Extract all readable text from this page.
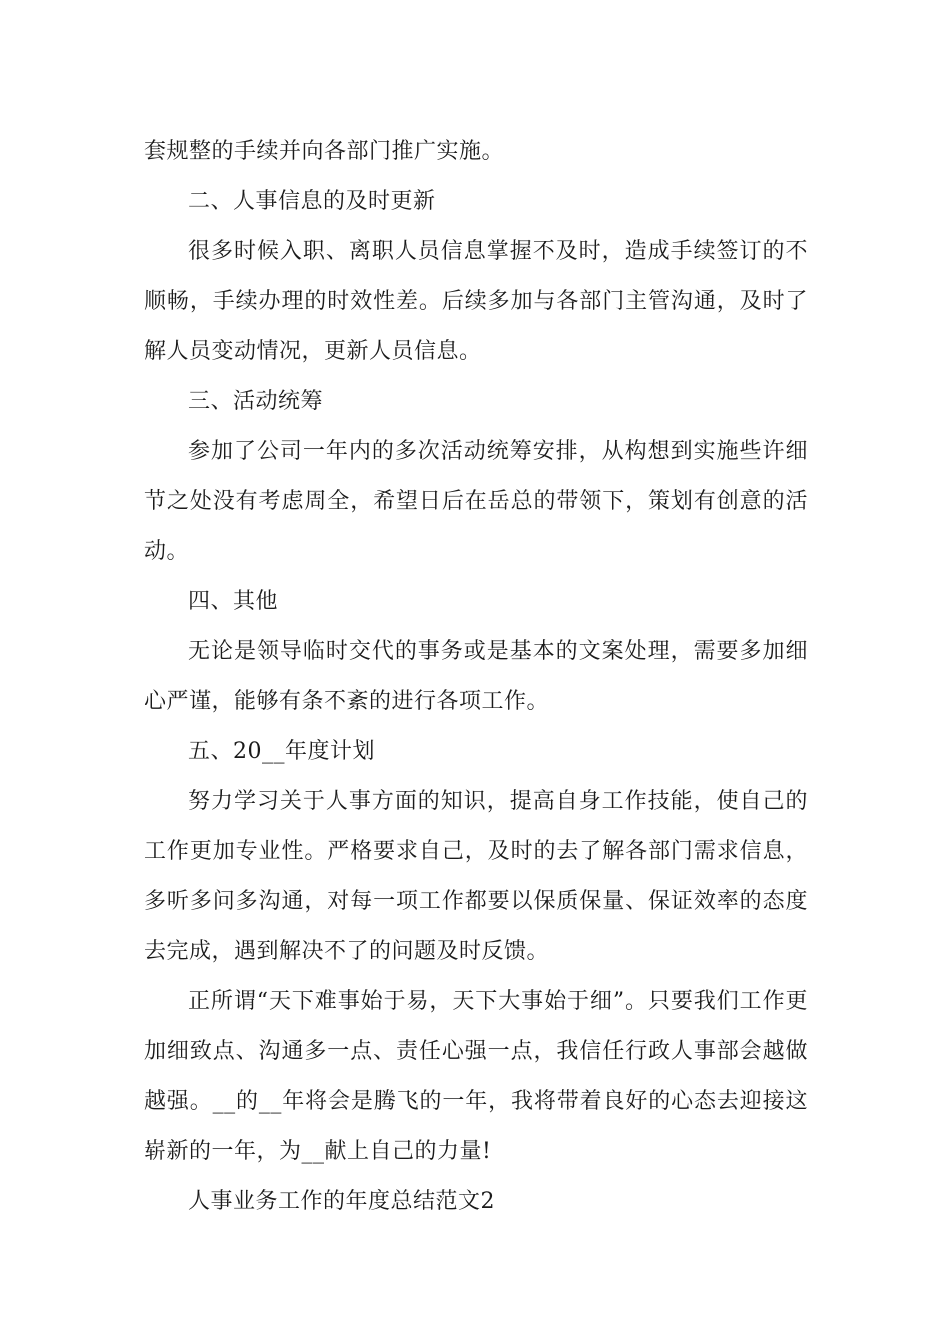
套规整的手续并向各部门推广实施。

二、人事信息的及时更新

很多时候入职、离职人员信息掌握不及时，造成手续签订的不顺畅，手续办理的时效性差。后续多加与各部门主管沟通，及时了解人员变动情况，更新人员信息。

三、活动统筹

参加了公司一年内的多次活动统筹安排，从构想到实施些许细节之处没有考虑周全，希望日后在岳总的带领下，策划有创意的活动。

四、其他

无论是领导临时交代的事务或是基本的文案处理，需要多加细心严谨，能够有条不紊的进行各项工作。

五、20__年度计划

努力学习关于人事方面的知识，提高自身工作技能，使自己的工作更加专业性。严格要求自己，及时的去了解各部门需求信息，多听多问多沟通，对每一项工作都要以保质保量、保证效率的态度去完成，遇到解决不了的问题及时反馈。

正所谓“天下难事始于易，天下大事始于细”。只要我们工作更加细致点、沟通多一点、责任心强一点，我信任行政人事部会越做越强。__的__年将会是腾飞的一年，我将带着良好的心态去迎接这崭新的一年，为__献上自己的力量!

人事业务工作的年度总结范文2
